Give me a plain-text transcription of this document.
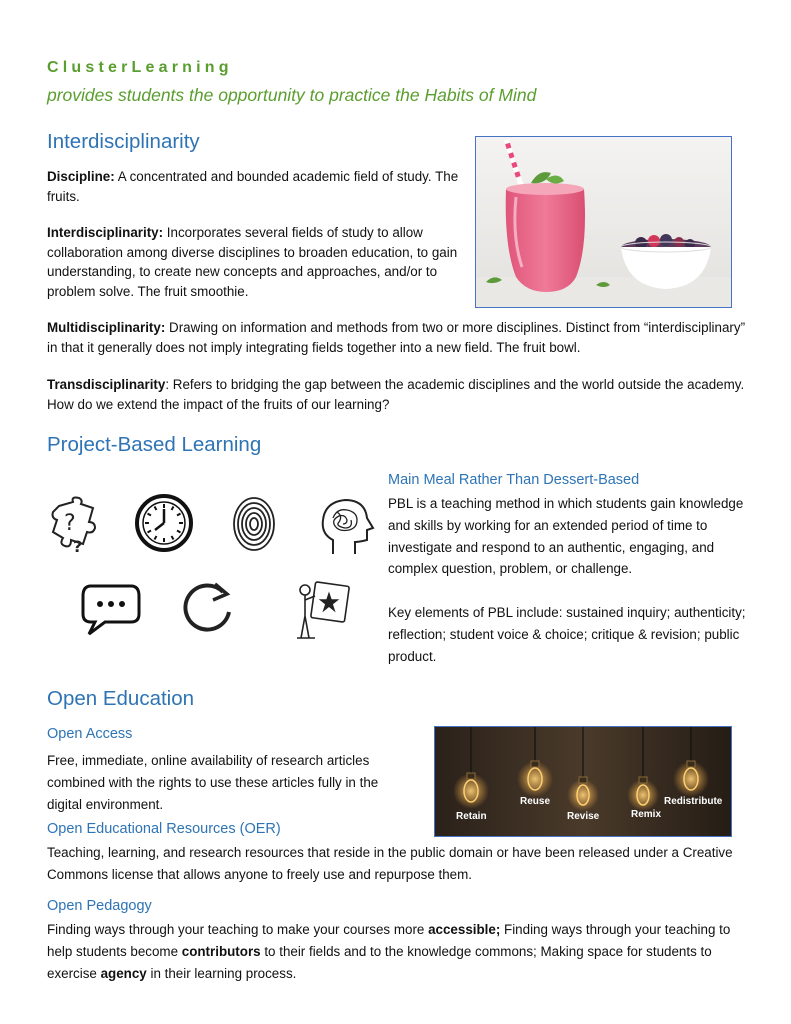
ClusterLearning
provides students the opportunity to practice the Habits of Mind
Interdisciplinarity
Discipline: A concentrated and bounded academic field of study. The fruits.
Interdisciplinarity: Incorporates several fields of study to allow collaboration among diverse disciplines to broaden education, to gain understanding, to create new concepts and approaches, and/or to problem solve. The fruit smoothie.
Multidisciplinarity: Drawing on information and methods from two or more disciplines. Distinct from “interdisciplinary” in that it generally does not imply integrating fields together into a new field. The fruit bowl.
Transdisciplinarity: Refers to bridging the gap between the academic disciplines and the world outside the academy. How do we extend the impact of the fruits of our learning?
Project-Based Learning
?
?
Main Meal Rather Than Dessert-Based
PBL is a teaching method in which students gain knowledge and skills by working for an extended period of time to investigate and respond to an authentic, engaging, and complex question, problem, or challenge.
Key elements of PBL include: sustained inquiry; authenticity; reflection; student voice & choice; critique & revision; public product.
Open Education
Open Access
Free, immediate, online availability of research articles combined with the rights to use these articles fully in the digital environment.
Retain
Reuse
Revise	Remix
Redistribute
Open Educational Resources (OER)
Teaching, learning, and research resources that reside in the public domain or have been released under a Creative Commons license that allows anyone to freely use and repurpose them.
Open Pedagogy
Finding ways through your teaching to make your courses more accessible; Finding ways through your teaching to help students become contributors to their fields and to the knowledge commons; Making space for students to exercise agency in their learning process.
